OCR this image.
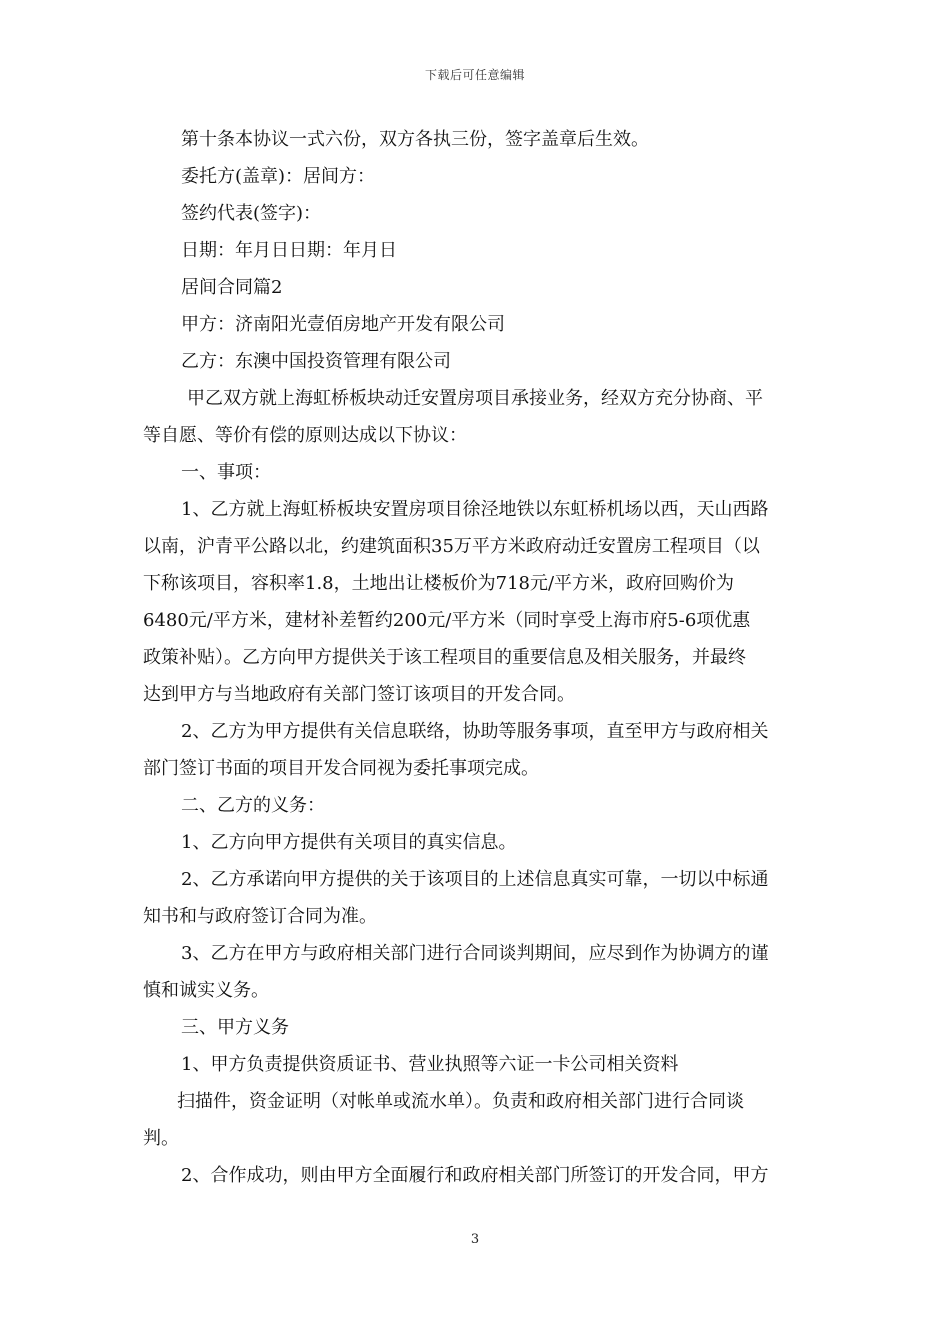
下载后可任意编辑
第十条本协议一式六份，双方各执三份，签字盖章后生效。
委托方(盖章)：居间方：
签约代表(签字)：
日期：年月日日期：年月日
居间合同篇2
甲方：济南阳光壹佰房地产开发有限公司
乙方：东澳中国投资管理有限公司
甲乙双方就上海虹桥板块动迁安置房项目承接业务，经双方充分协商、平
等自愿、等价有偿的原则达成以下协议：
一、事项：
1、乙方就上海虹桥板块安置房项目徐泾地铁以东虹桥机场以西，天山西路
以南，沪青平公路以北，约建筑面积35万平方米政府动迁安置房工程项目（以
下称该项目，容积率1.8，土地出让楼板价为718元/平方米，政府回购价为
6480元/平方米，建材补差暂约200元/平方米（同时享受上海市府5-6项优惠
政策补贴）。乙方向甲方提供关于该工程项目的重要信息及相关服务，并最终
达到甲方与当地政府有关部门签订该项目的开发合同。
2、乙方为甲方提供有关信息联络，协助等服务事项，直至甲方与政府相关
部门签订书面的项目开发合同视为委托事项完成。
二、乙方的义务：
1、乙方向甲方提供有关项目的真实信息。
2、乙方承诺向甲方提供的关于该项目的上述信息真实可靠，一切以中标通
知书和与政府签订合同为准。
3、乙方在甲方与政府相关部门进行合同谈判期间，应尽到作为协调方的谨
慎和诚实义务。
三、甲方义务
1、甲方负责提供资质证书、营业执照等六证一卡公司相关资料
扫描件，资金证明（对帐单或流水单）。负责和政府相关部门进行合同谈
判。
2、合作成功，则由甲方全面履行和政府相关部门所签订的开发合同，甲方
3
